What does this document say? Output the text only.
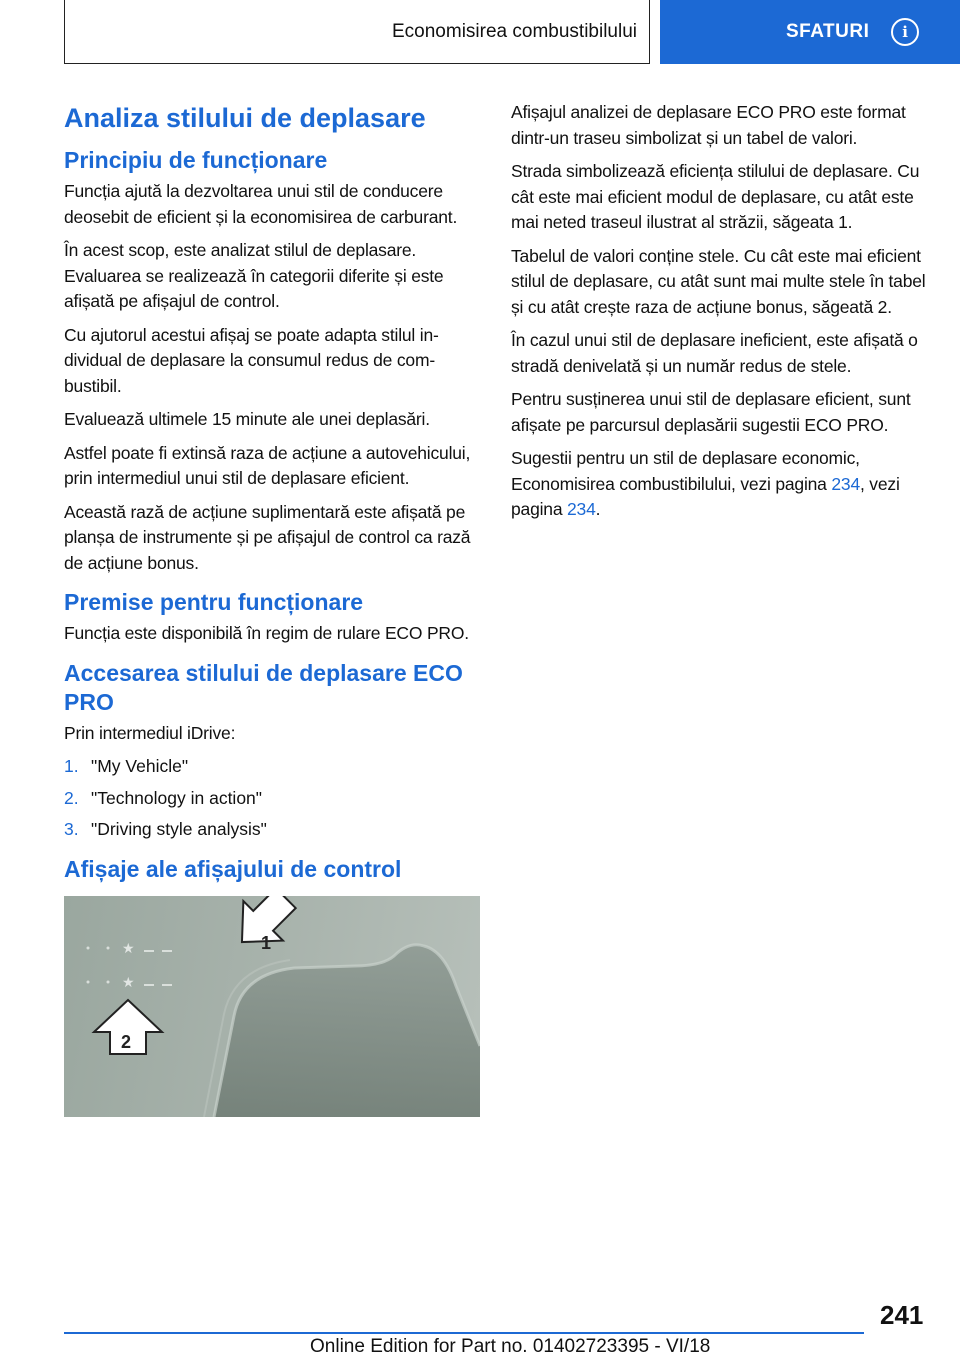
Economisirea combustibilului	SFATURI	i
Analiza stilului de deplasare
Principiu de funcționare

Funcția ajută la dezvoltarea unui stil de conducere deosebit de eficient și la economisirea de carburant.

În acest scop, este analizat stilul de deplasare. Evaluarea se realizează în categorii diferite și este afișată pe afișajul de control.

Cu ajutorul acestui afișaj se poate adapta stilul individual de deplasare la consumul redus de combustibil.

Evaluează ultimele 15 minute ale unei deplasări.

Astfel poate fi extinsă raza de acțiune a autovehicului, prin intermediul unui stil de deplasare eficient.

Această rază de acțiune suplimentară este afișată pe planșa de instrumente și pe afișajul de control ca rază de acțiune bonus.

Premise pentru funcționare

Funcția este disponibilă în regim de rulare ECO PRO.

Accesarea stilului de deplasare ECO PRO

Prin intermediul iDrive:

1. "My Vehicle"
2. "Technology in action"
3. "Driving style analysis"
Afișaje ale afișajului de control
★
★
1
2

Afișajul analizei de deplasare ECO PRO este format dintr-un traseu simbolizat și un tabel de valori.

Strada simbolizează eficiența stilului de deplasare. Cu cât este mai eficient modul de deplasare, cu atât este mai neted traseul ilustrat al străzii, săgeata 1.

Tabelul de valori conține stele. Cu cât este mai eficient stilul de deplasare, cu atât sunt mai multe stele în tabel și cu atât crește raza de acțiune bonus, săgeată 2.

În cazul unui stil de deplasare ineficient, este afișată o stradă denivelată și un număr redus de stele.

Pentru susținerea unui stil de deplasare eficient, sunt afișate pe parcursul deplasării sugestii ECO PRO.

Sugestii pentru un stil de deplasare economic, Economisirea combustibilului, vezi pagina 234, vezi pagina 234.

241
Online Edition for Part no. 01402723395 - VI/18
